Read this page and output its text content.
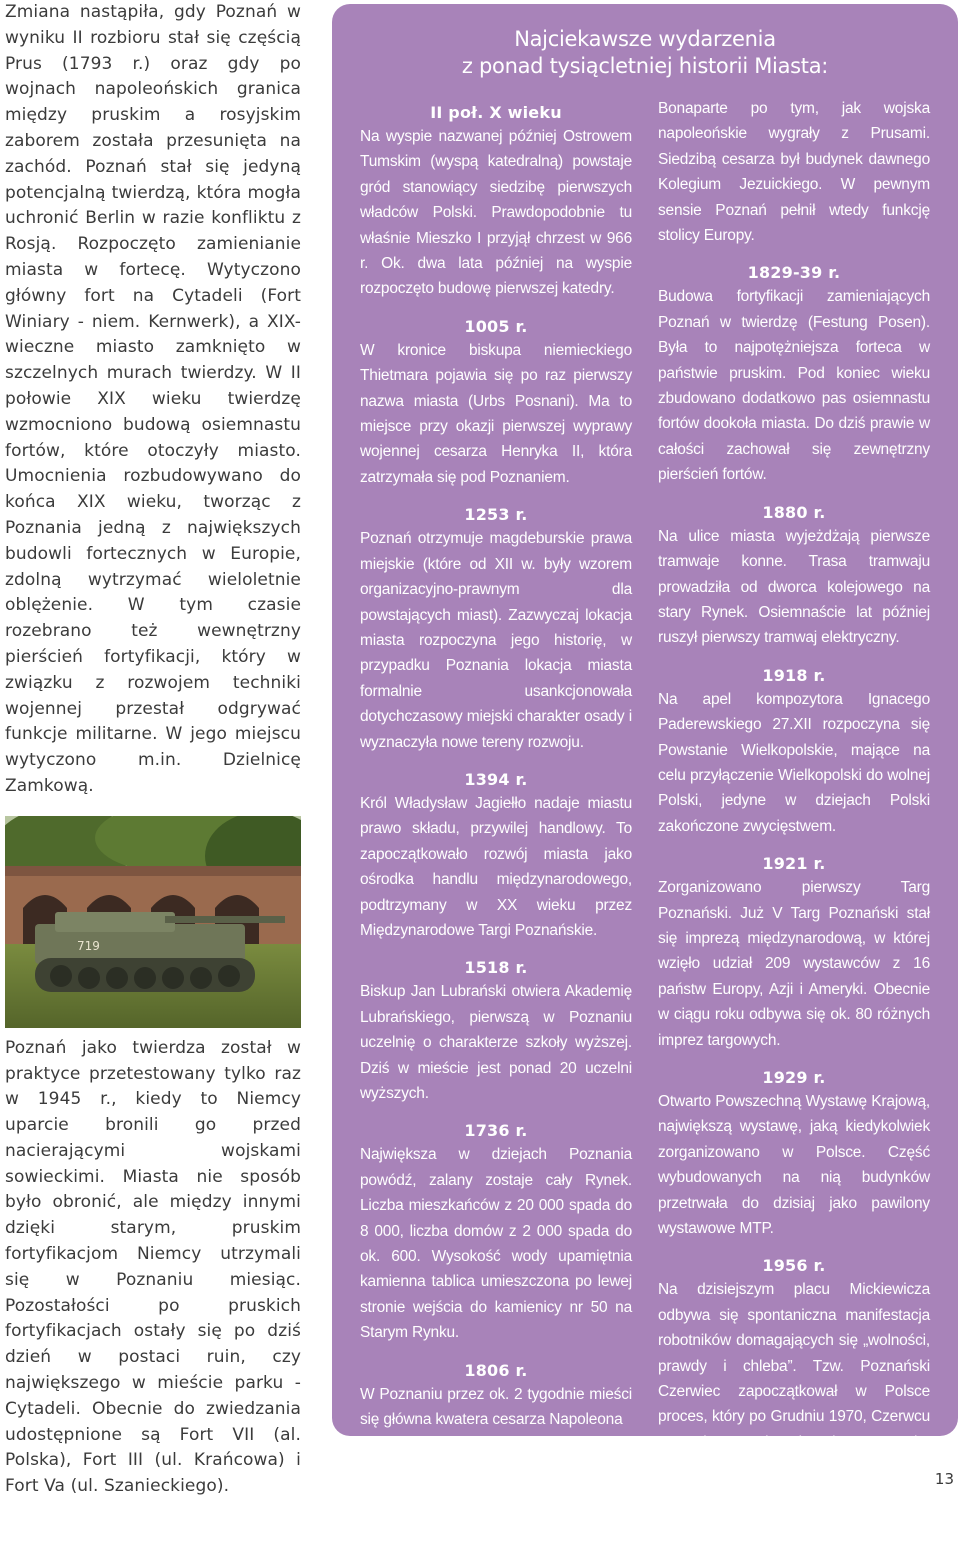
Zmiana nastąpiła, gdy Poznań w wyniku II rozbioru stał się częścią Prus (1793 r.) oraz gdy po wojnach napoleońskich granica między pruskim a rosyjskim zaborem została przesunięta na zachód. Poznań stał się jedyną potencjalną twierdzą, która mogła uchronić Berlin w razie konfliktu z Rosją. Rozpoczęto zamienianie miasta w fortecę. Wytyczono główny fort na Cytadeli (Fort Winiary - niem. Kernwerk), a XIX-wieczne miasto zamknięto w szczelnych murach twierdzy. W II połowie XIX wieku twierdzę wzmocniono budową osiemnastu fortów, które otoczyły miasto. Umocnienia rozbudowywano do końca XIX wieku, tworząc z Poznania jedną z największych budowli fortecznych w Europie, zdolną wytrzymać wieloletnie oblężenie. W tym czasie rozebrano też wewnętrzny pierścień fortyfikacji, który w związku z rozwojem techniki wojennej przestał odgrywać funkcje militarne. W jego miejscu wytyczono m.in. Dzielnicę Zamkową.

719

Poznań jako twierdza został w praktyce przetestowany tylko raz w 1945 r., kiedy to Niemcy uparcie bronili go przed nacierającymi wojskami sowieckimi. Miasta nie sposób było obronić, ale między innymi dzięki starym, pruskim fortyfikacjom Niemcy utrzymali się w Poznaniu miesiąc. Pozostałości po pruskich fortyfikacjach ostały się po dziś dzień w postaci ruin, czy największego w mieście parku - Cytadeli. Obecnie do zwiedzania udostępnione są Fort VII (al. Polska), Fort III (ul. Krańcowa) i Fort Va (ul. Szanieckiego).

Najciekawsze wydarzenia
z ponad tysiącletniej historii Miasta:
II poł. X wieku

Na wyspie nazwanej później Ostrowem Tumskim (wyspą katedralną) powstaje gród stanowiący siedzibę pierwszych władców Polski. Prawdopodobnie tu właśnie Mieszko I przyjął chrzest w 966 r. Ok. dwa lata później na wyspie rozpoczęto budowę pierwszej katedry.

1005 r.

W kronice biskupa niemieckiego Thietmara pojawia się po raz pierwszy nazwa miasta (Urbs Posnani). Ma to miejsce przy okazji pierwszej wyprawy wojennej cesarza Henryka II, która zatrzymała się pod Poznaniem.

1253 r.

Poznań otrzymuje magdeburskie prawa miejskie (które od XII w. były wzorem organizacyjno-prawnym dla powstających miast). Zazwyczaj lokacja miasta rozpoczyna jego historię, w przypadku Poznania lokacja miasta formalnie usankcjonowała dotychczasowy miejski charakter osady i wyznaczyła nowe tereny rozwoju.

1394 r.

Król Władysław Jagiełło nadaje miastu prawo składu, przywilej handlowy. To zapoczątkowało rozwój miasta jako ośrodka handlu międzynarodowego, podtrzymany w XX wieku przez Międzynarodowe Targi Poznańskie.

1518 r.

Biskup Jan Lubrański otwiera Akademię Lubrańskiego, pierwszą w Poznaniu uczelnię o charakterze szkoły wyższej. Dziś w mieście jest ponad 20 uczelni wyższych.

1736 r.

Największa w dziejach Poznania powódź, zalany zostaje cały Rynek. Liczba mieszkańców z 20 000 spada do 8 000, liczba domów z 2 000 spada do ok. 600. Wysokość wody upamiętnia kamienna tablica umieszczona po lewej stronie wejścia do kamienicy nr 50 na Starym Rynku.

1806 r.

W Poznaniu przez ok. 2 tygodnie mieści się główna kwatera cesarza Napoleona

Bonaparte po tym, jak wojska napoleońskie wygrały z Prusami. Siedzibą cesarza był budynek dawnego Kolegium Jezuickiego. W pewnym sensie Poznań pełnił wtedy funkcję stolicy Europy.

1829-39 r.

Budowa fortyfikacji zamieniających Poznań w twierdzę (Festung Posen). Była to najpotężniejsza forteca w państwie pruskim. Pod koniec wieku zbudowano dodatkowo pas osiemnastu fortów dookoła miasta. Do dziś prawie w całości zachował się zewnętrzny pierścień fortów.

1880 r.

Na ulice miasta wyjeżdżają pierwsze tramwaje konne. Trasa tramwaju prowadziła od dworca kolejowego na stary Rynek. Osiemnaście lat później ruszył pierwszy tramwaj elektryczny.

1918 r.

Na apel kompozytora Ignacego Paderewskiego 27.XII rozpoczyna się Powstanie Wielkopolskie, mające na celu przyłączenie Wielkopolski do wolnej Polski, jedyne w dziejach Polski zakończone zwycięstwem.

1921 r.

Zorganizowano pierwszy Targ Poznański. Już V Targ Poznański stał się imprezą międzynarodową, w której wzięło udział 209 wystawców z 16 państw Europy, Azji i Ameryki. Obecnie w ciągu roku odbywa się ok. 80 różnych imprez targowych.

1929 r.

Otwarto Powszechną Wystawę Krajową, największą wystawę, jaką kiedykolwiek zorganizowano w Polsce. Część wybudowanych na nią budynków przetrwała do dzisiaj jako pawilony wystawowe MTP.

1956 r.

Na dzisiejszym placu Mickiewicza odbywa się spontaniczna manifestacja robotników domagających się „wolności, prawdy i chleba”. Tzw. Poznański Czerwiec zapoczątkował w Polsce proces, który po Grudniu 1970, Czerwcu 1976 i wreszcie Sierpniu 1980 roku doprowadził do porozumień Okrągłego Stołu w 1989 r. i w konsekwencji do wolności i demokracji.

13
